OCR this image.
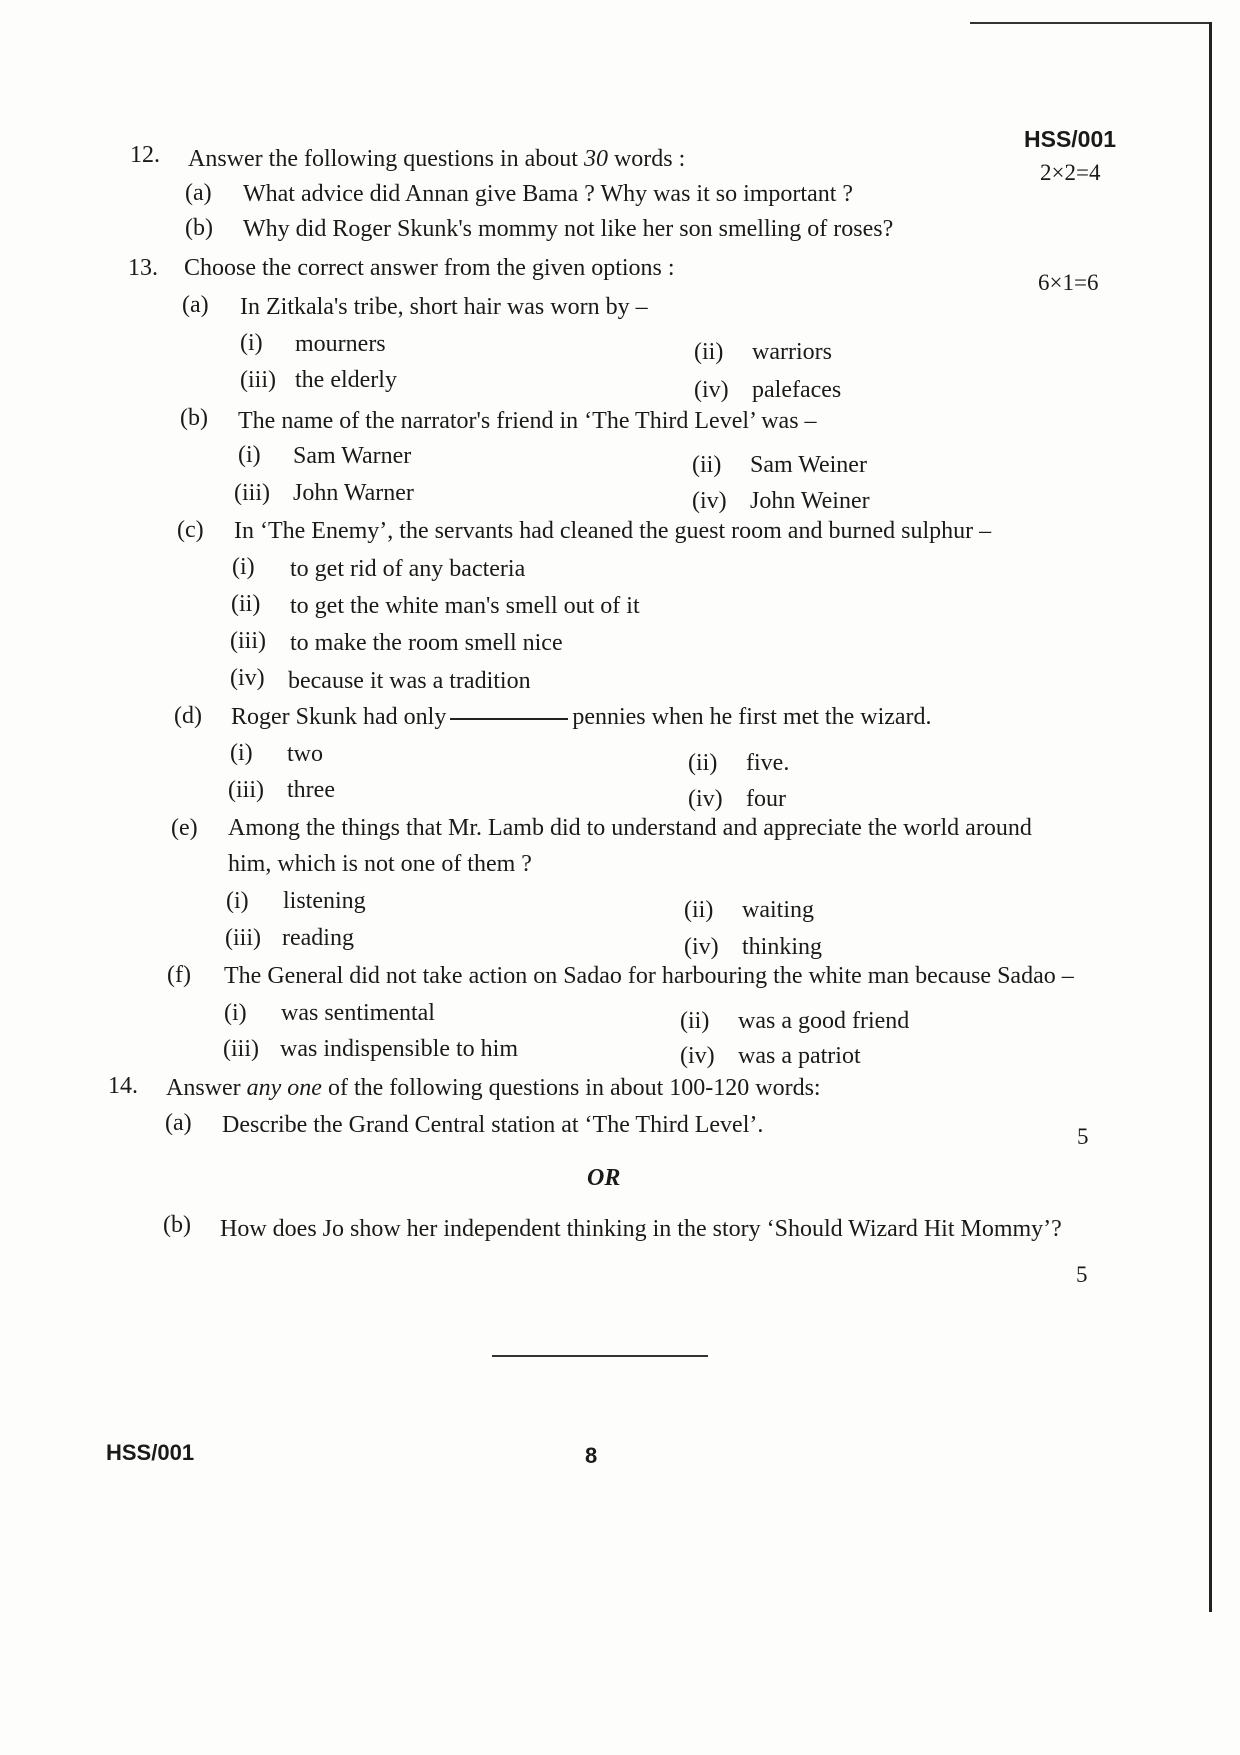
HSS/001
12. Answer the following questions in about 30 words :
2×2=4
(a) What advice did Annan give Bama ? Why was it so important ?
(b) Why did Roger Skunk's mommy not like her son smelling of roses?
13. Choose the correct answer from the given options :
6×1=6
(a) In Zitkala's tribe, short hair was worn by –
(i) mourners	(ii) warriors
(iii) the elderly	(iv) palefaces
(b) The name of the narrator's friend in ‘The Third Level’ was –
(i) Sam Warner	(ii) Sam Weiner
(iii) John Warner	(iv) John Weiner
(c) In ‘The Enemy’, the servants had cleaned the guest room and burned sulphur –
(i) to get rid of any bacteria
(ii) to get the white man's smell out of it
(iii) to make the room smell nice
(iv) because it was a tradition
(d) Roger Skunk had only	pennies when he first met the wizard.
(i) two	(ii) five.
(iii) three	(iv) four
(e) Among the things that Mr. Lamb did to understand and appreciate the world around
him, which is not one of them ?
(i) listening	(ii) waiting
(iii) reading	(iv) thinking
(f) The General did not take action on Sadao for harbouring the white man because Sadao –
(i) was sentimental	(ii) was a good friend
(iii) was indispensible to him	(iv) was a patriot
14. Answer any one of the following questions in about 100-120 words:
(a) Describe the Grand Central station at ‘The Third Level’.	5
OR
(b) How does Jo show her independent thinking in the story ‘Should Wizard Hit Mommy’?
5
HSS/001	8
